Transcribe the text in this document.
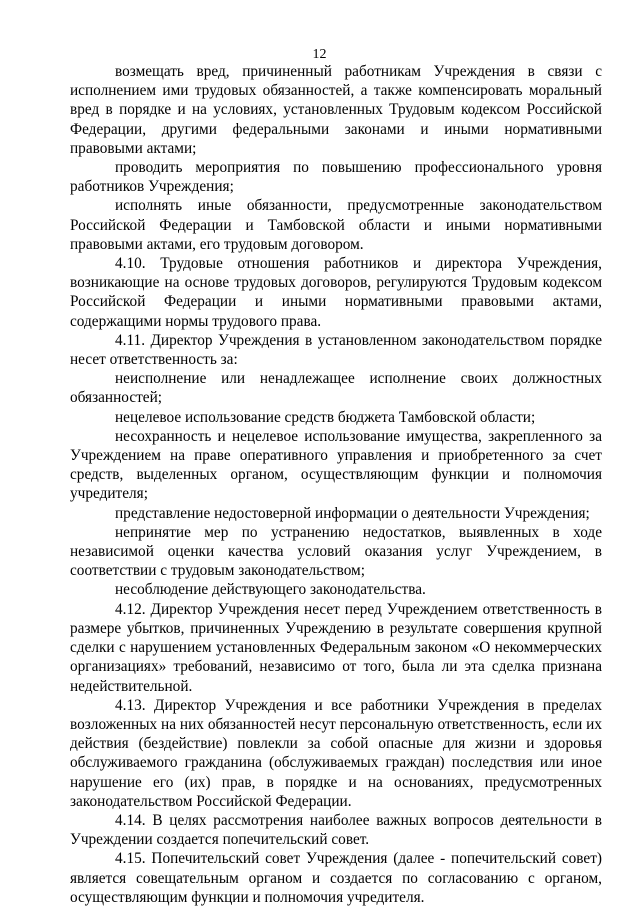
12

возмещать вред, причиненный работникам Учреждения в связи с исполнением ими трудовых обязанностей, а также компенсировать моральный вред в порядке и на условиях, установленных Трудовым кодексом Российской Федерации, другими федеральными законами и иными нормативными правовыми актами;

проводить мероприятия по повышению профессионального уровня работников Учреждения;

исполнять иные обязанности, предусмотренные законодательством Российской Федерации и Тамбовской области и иными нормативными правовыми актами, его трудовым договором.

4.10. Трудовые отношения работников и директора Учреждения, возникающие на основе трудовых договоров, регулируются Трудовым кодексом Российской Федерации и иными нормативными правовыми актами, содержащими нормы трудового права.

4.11. Директор Учреждения в установленном законодательством порядке несет ответственность за:

неисполнение или ненадлежащее исполнение своих должностных обязанностей;

нецелевое использование средств бюджета Тамбовской области;

несохранность и нецелевое использование имущества, закрепленного за Учреждением на праве оперативного управления и приобретенного за счет средств, выделенных органом, осуществляющим функции и полномочия учредителя;

представление недостоверной информации о деятельности Учреждения;

непринятие мер по устранению недостатков, выявленных в ходе независимой оценки качества условий оказания услуг Учреждением, в соответствии с трудовым законодательством;

несоблюдение действующего законодательства.

4.12. Директор Учреждения несет перед Учреждением ответственность в размере убытков, причиненных Учреждению в результате совершения крупной сделки с нарушением установленных Федеральным законом «О некоммерческих организациях» требований, независимо от того, была ли эта сделка признана недействительной.

4.13. Директор Учреждения и все работники Учреждения в пределах возложенных на них обязанностей несут персональную ответственность, если их действия (бездействие) повлекли за собой опасные для жизни и здоровья обслуживаемого гражданина (обслуживаемых граждан) последствия или иное нарушение его (их) прав, в порядке и на основаниях, предусмотренных законодательством Российской Федерации.

4.14. В целях рассмотрения наиболее важных вопросов деятельности в Учреждении создается попечительский совет.

4.15. Попечительский совет Учреждения (далее - попечительский совет) является совещательным органом и создается по согласованию с органом, осуществляющим функции и полномочия учредителя.
